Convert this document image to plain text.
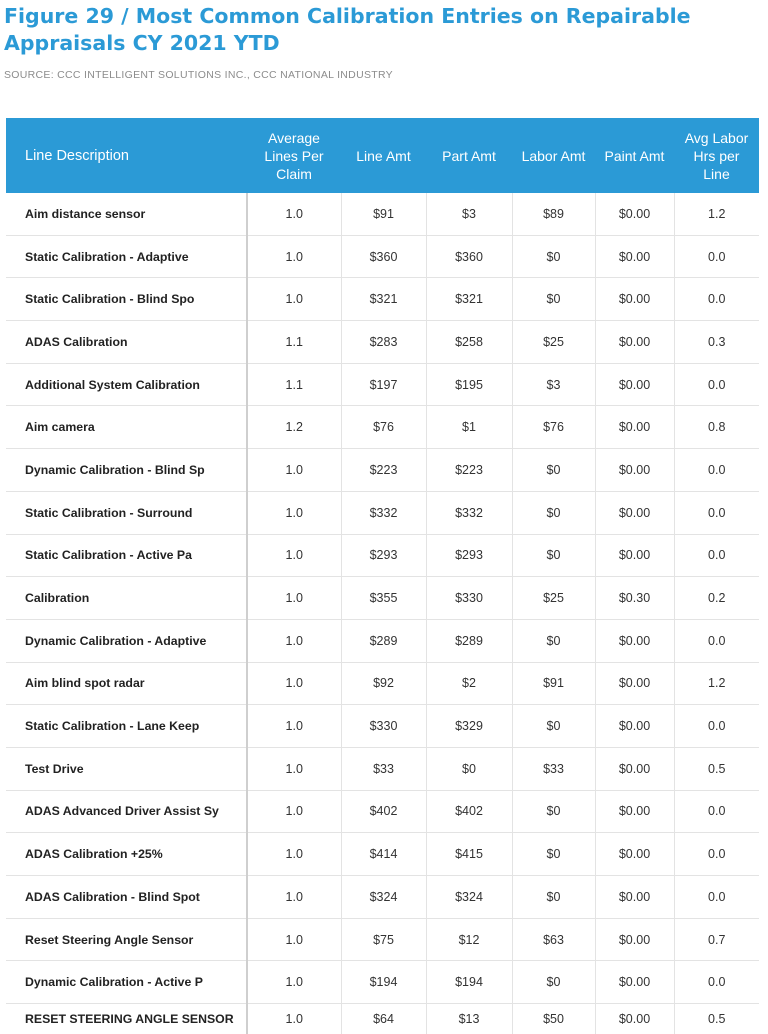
Figure 29 / Most Common Calibration Entries on Repairable Appraisals CY 2021 YTD
SOURCE: CCC INTELLIGENT SOLUTIONS INC., CCC NATIONAL INDUSTRY
Line Description	Average Lines Per Claim	Line Amt	Part Amt	Labor Amt	Paint Amt	Avg Labor Hrs per Line
Aim distance sensor	1.0	$91	$3	$89	$0.00	1.2
Static Calibration - Adaptive	1.0	$360	$360	$0	$0.00	0.0
Static Calibration - Blind Spo	1.0	$321	$321	$0	$0.00	0.0
ADAS Calibration	1.1	$283	$258	$25	$0.00	0.3
Additional System Calibration	1.1	$197	$195	$3	$0.00	0.0
Aim camera	1.2	$76	$1	$76	$0.00	0.8
Dynamic Calibration - Blind Sp	1.0	$223	$223	$0	$0.00	0.0
Static Calibration - Surround	1.0	$332	$332	$0	$0.00	0.0
Static Calibration - Active Pa	1.0	$293	$293	$0	$0.00	0.0
Calibration	1.0	$355	$330	$25	$0.30	0.2
Dynamic Calibration - Adaptive	1.0	$289	$289	$0	$0.00	0.0
Aim blind spot radar	1.0	$92	$2	$91	$0.00	1.2
Static Calibration - Lane Keep	1.0	$330	$329	$0	$0.00	0.0
Test Drive	1.0	$33	$0	$33	$0.00	0.5
ADAS Advanced Driver Assist Sy	1.0	$402	$402	$0	$0.00	0.0
ADAS Calibration +25%	1.0	$414	$415	$0	$0.00	0.0
ADAS Calibration - Blind Spot	1.0	$324	$324	$0	$0.00	0.0
Reset Steering Angle Sensor	1.0	$75	$12	$63	$0.00	0.7
Dynamic Calibration - Active P	1.0	$194	$194	$0	$0.00	0.0
RESET STEERING ANGLE SENSOR	1.0	$64	$13	$50	$0.00	0.5
